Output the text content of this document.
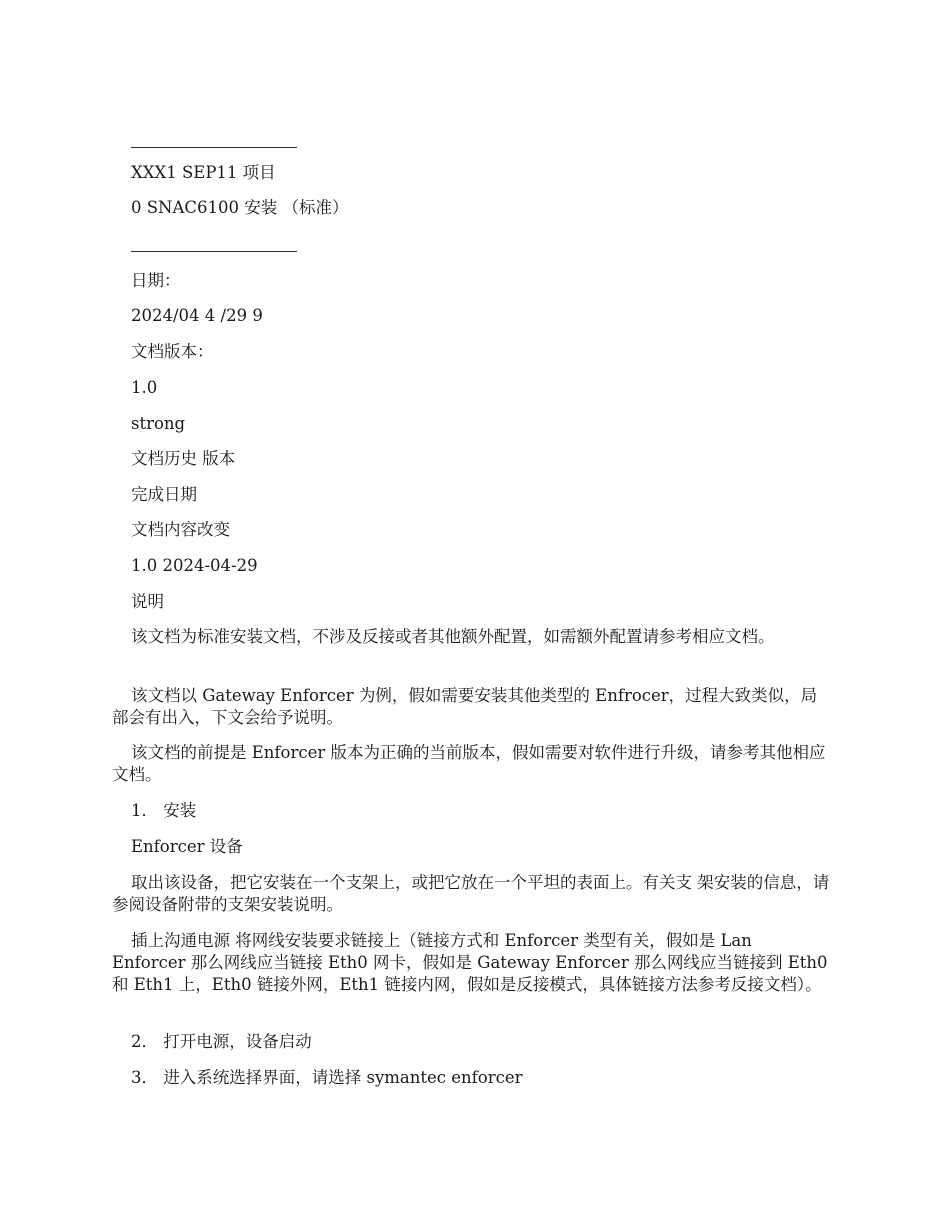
XXX1 SEP11 项目
0 SNAC6100 安装 （标准）
日期：
2024/04 4 /29 9
文档版本：
1.0
strong
文档历史 版本
完成日期
文档内容改变
1.0 2024-04-29
说明
该文档为标准安装文档，不涉及反接或者其他额外配置，如需额外配置请参考相应文档。
该文档以 Gateway Enforcer 为例，假如需要安装其他类型的 Enfrocer，过程大致类似，局部会有出入，下文会给予说明。
该文档的前提是 Enforcer 版本为正确的当前版本，假如需要对软件进行升级，请参考其他相应文档。
1． 安装
Enforcer 设备
取出该设备，把它安装在一个支架上，或把它放在一个平坦的表面上。有关支 架安装的信息，请参阅设备附带的支架安装说明。
插上沟通电源 将网线安装要求链接上（链接方式和 Enforcer 类型有关，假如是 Lan Enforcer 那么网线应当链接 Eth0 网卡，假如是 Gateway Enforcer 那么网线应当链接到 Eth0 和 Eth1 上，Eth0 链接外网，Eth1 链接内网，假如是反接模式，具体链接方法参考反接文档）。
2． 打开电源，设备启动
3． 进入系统选择界面，请选择 symantec enforcer
